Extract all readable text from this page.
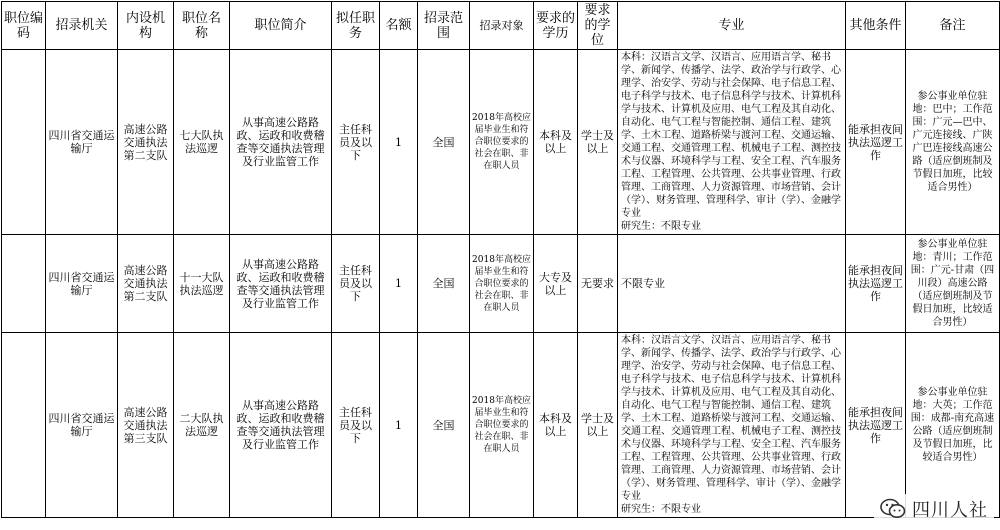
职位编码	招录机关	内设机构	职位名称	职位简介	拟任职务	名额	招录范围	招录对象	要求的学历	要求的学位	专业	其他条件	备注
	四川省交通运输厅	高速公路交通执法第二支队	七大队执法巡逻	从事高速公路路政、运政和收费稽查等交通执法管理及行业监管工作	主任科员及以下	1	全国	2018年高校应届毕业生和符合职位要求的社会在职、非在职人员	本科及以上	学士及以上	本科：汉语言文学、汉语言、应用语言学、秘书学、新闻学、传播学、法学、政治学与行政学、心理学、治安学、劳动与社会保障、电子信息工程、电子科学与技术、电子信息科学与技术、计算机科学与技术、计算机及应用、电气工程及其自动化、自动化、电气工程与智能控制、通信工程、建筑学、土木工程、道路桥梁与渡河工程、交通运输、交通工程、交通管理工程、机械电子工程、测控技术与仪器、环境科学与工程、安全工程、汽车服务工程、工程管理、公共管理、公共事业管理、行政管理、工商管理、人力资源管理、市场营销、会计（学）、财务管理、管理科学、审计（学）、金融学专业
研究生：不限专业	能承担夜间执法巡逻工作	参公事业单位驻地：巴中；工作范围：广元—巴中、广元连接线、广陕广巴连接线高速公路（适应倒班制及节假日加班，比较适合男性）
	四川省交通运输厅	高速公路交通执法第二支队	十一大队执法巡逻	从事高速公路路政、运政和收费稽查等交通执法管理及行业监管工作	主任科员及以下	1	全国	2018年高校应届毕业生和符合职位要求的社会在职、非在职人员	大专及以上	无要求	不限专业	能承担夜间执法巡逻工作	参公事业单位驻地：青川；工作范围：广元-甘肃（四川段）高速公路（适应倒班制及节假日加班，比较适合男性）
	四川省交通运输厅	高速公路交通执法第三支队	二大队执法巡逻	从事高速公路路政、运政和收费稽查等交通执法管理及行业监管工作	主任科员及以下	1	全国	2018年高校应届毕业生和符合职位要求的社会在职、非在职人员	本科及以上	学士及以上	本科：汉语言文学、汉语言、应用语言学、秘书学、新闻学、传播学、法学、政治学与行政学、心理学、治安学、劳动与社会保障、电子信息工程、电子科学与技术、电子信息科学与技术、计算机科学与技术、计算机及应用、电气工程及其自动化、自动化、电气工程与智能控制、通信工程、建筑学、土木工程、道路桥梁与渡河工程、交通运输、交通工程、交通管理工程、机械电子工程、测控技术与仪器、环境科学与工程、安全工程、汽车服务工程、工程管理、公共管理、公共事业管理、行政管理、工商管理、人力资源管理、市场营销、会计（学）、财务管理、管理科学、审计（学）、金融学专业
研究生：不限专业	能承担夜间执法巡逻工作	参公事业单位驻地：大英；工作范围：成都-南充高速公路（适应倒班制及节假日加班，比较适合男性）
四川人社
